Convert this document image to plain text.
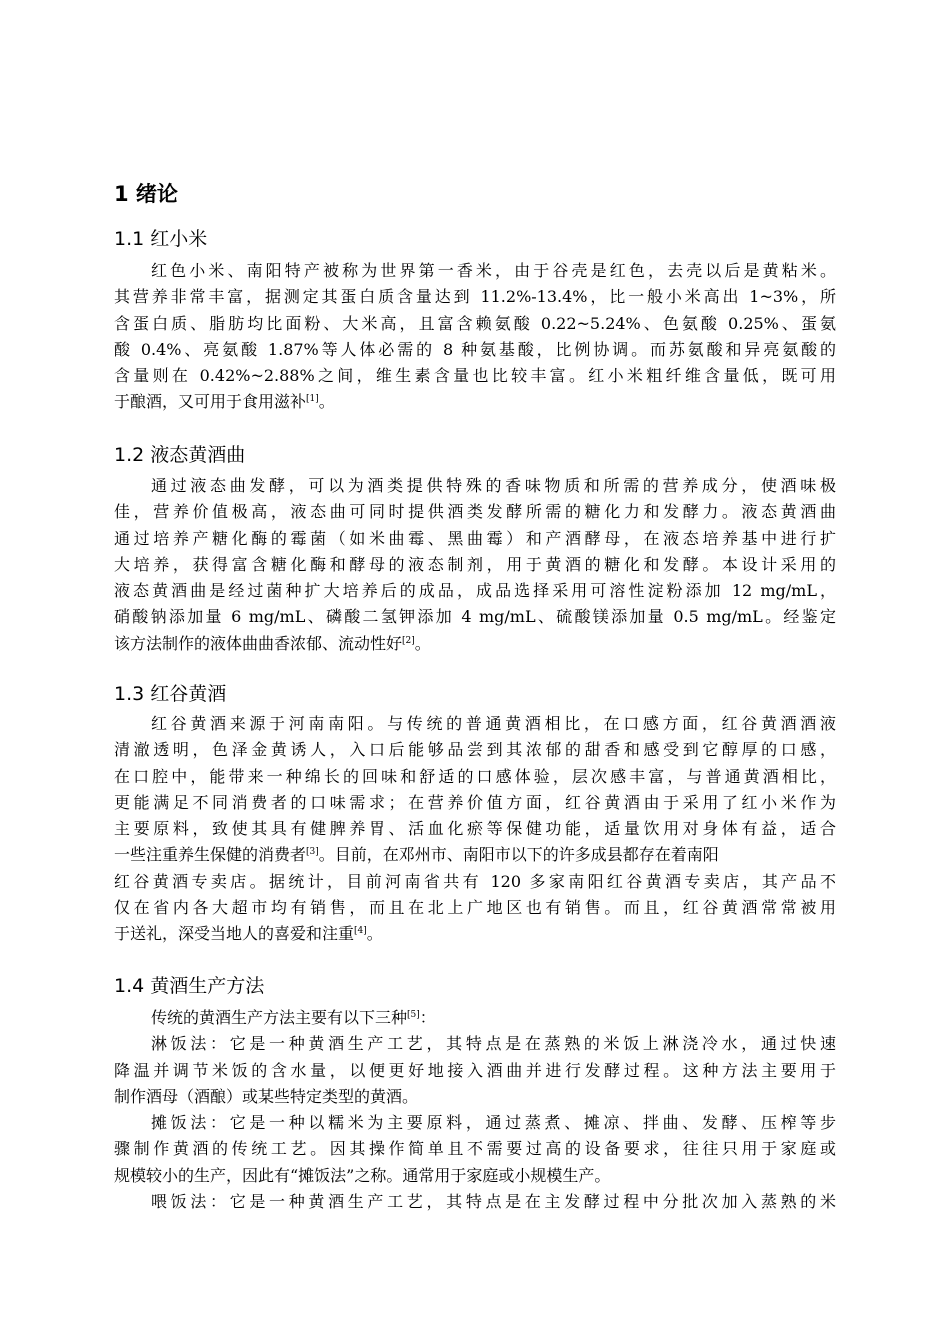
1 绪论
1.1 红小米
红色小米、南阳特产被称为世界第一香米，由于谷壳是红色，去壳以后是黄粘米。
其营养非常丰富，据测定其蛋白质含量达到 11.2%-13.4%，比一般小米高出 1~3%，所
含蛋白质、脂肪均比面粉、大米高，且富含赖氨酸 0.22~5.24%、色氨酸 0.25%、蛋氨
酸 0.4%、亮氨酸 1.87%等人体必需的 8 种氨基酸，比例协调。而苏氨酸和异亮氨酸的
含量则在 0.42%~2.88%之间，维生素含量也比较丰富。红小米粗纤维含量低，既可用
于酿酒，又可用于食用滋补[1]。
1.2 液态黄酒曲
通过液态曲发酵，可以为酒类提供特殊的香味物质和所需的营养成分，使酒味极
佳，营养价值极高，液态曲可同时提供酒类发酵所需的糖化力和发酵力。液态黄酒曲
通过培养产糖化酶的霉菌（如米曲霉、黑曲霉）和产酒酵母，在液态培养基中进行扩
大培养，获得富含糖化酶和酵母的液态制剂，用于黄酒的糖化和发酵。本设计采用的
液态黄酒曲是经过菌种扩大培养后的成品，成品选择采用可溶性淀粉添加 12 mg/mL，
硝酸钠添加量 6 mg/mL、磷酸二氢钾添加 4 mg/mL、硫酸镁添加量 0.5 mg/mL。经鉴定
该方法制作的液体曲曲香浓郁、流动性好[2]。
1.3 红谷黄酒
红谷黄酒来源于河南南阳。与传统的普通黄酒相比，在口感方面，红谷黄酒酒液
清澈透明，色泽金黄诱人，入口后能够品尝到其浓郁的甜香和感受到它醇厚的口感，
在口腔中，能带来一种绵长的回味和舒适的口感体验，层次感丰富，与普通黄酒相比，
更能满足不同消费者的口味需求；在营养价值方面，红谷黄酒由于采用了红小米作为
主要原料，致使其具有健脾养胃、活血化瘀等保健功能，适量饮用对身体有益，适合
一些注重养生保健的消费者[3]。目前，在邓州市、南阳市以下的许多成县都存在着南阳
红谷黄酒专卖店。据统计，目前河南省共有 120 多家南阳红谷黄酒专卖店，其产品不
仅在省内各大超市均有销售，而且在北上广地区也有销售。而且，红谷黄酒常常被用
于送礼，深受当地人的喜爱和注重[4]。
1.4 黄酒生产方法
传统的黄酒生产方法主要有以下三种[5]：
淋饭法：它是一种黄酒生产工艺，其特点是在蒸熟的米饭上淋浇冷水，通过快速
降温并调节米饭的含水量，以便更好地接入酒曲并进行发酵过程。这种方法主要用于
制作酒母（酒酿）或某些特定类型的黄酒。
摊饭法：它是一种以糯米为主要原料，通过蒸煮、摊凉、拌曲、发酵、压榨等步
骤制作黄酒的传统工艺。因其操作简单且不需要过高的设备要求，往往只用于家庭或
规模较小的生产，因此有“摊饭法”之称。通常用于家庭或小规模生产。
喂饭法：它是一种黄酒生产工艺，其特点是在主发酵过程中分批次加入蒸熟的米
